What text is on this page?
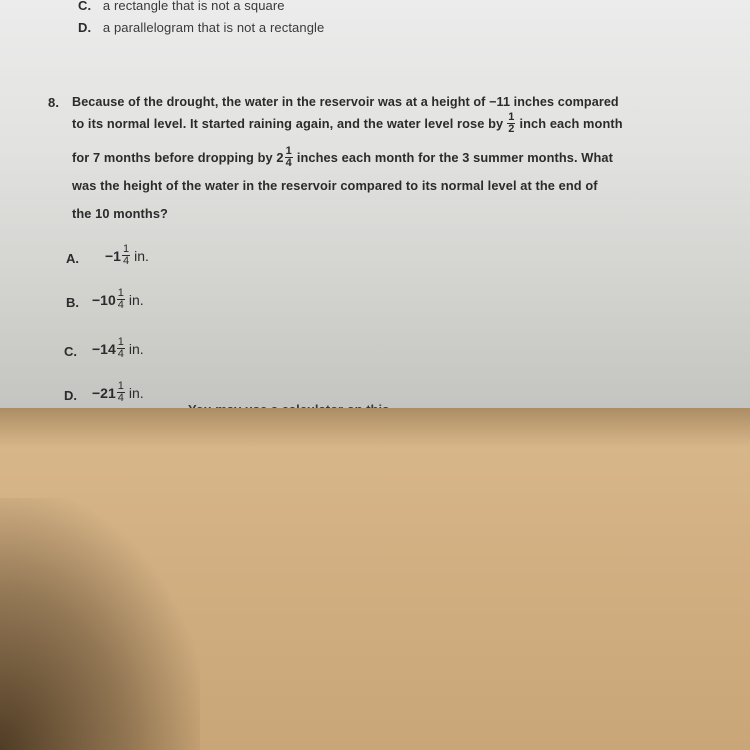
C. a rectangle that is not a square
D. a parallelogram that is not a rectangle
8. Because of the drought, the water in the reservoir was at a height of −11 inches compared
to its normal level. It started raining again, and the water level rose by $\frac{1}{2}$ inch each month
for 7 months before dropping by $2 \frac{1}{4}$ inches each month for the 3 summer months. What
was the height of the water in the reservoir compared to its normal level at the end of
the 10 months?
A. $-1 \frac{1}{4}$ in.
B. $-10 \frac{1}{4}$ in.
C. $-14 \frac{1}{4}$ in.
D. $-21 \frac{1}{4}$ in.
